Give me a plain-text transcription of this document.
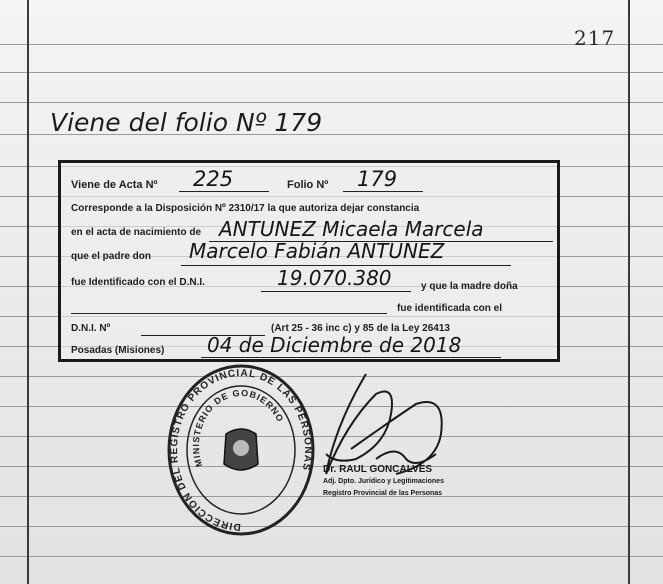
217
Viene del folio Nº 179
Viene de Acta Nº 225	Folio Nº 179
Corresponde a la Disposición Nº 2310/17 la que autoriza dejar constancia
en el acta de nacimiento de ANTUNEZ Micaela Marcela
que el padre don Marcelo Fabián ANTUNEZ
fue Identificado con el D.N.I.	19.070.380	y que la madre doña
fue identificada con el
D.N.I. Nº	(Art 25 - 36 inc c) y 85 de la Ley 26413
Posadas (Misiones) 04 de Diciembre de 2018
DIRECCION DEL REGISTRO PROVINCIAL DE LAS PERSONAS
MINISTERIO DE GOBIERNO
Dr. RAUL GONCALVES
Adj. Dpto. Jurídico y Legitimaciones
Registro Provincial de las Personas
